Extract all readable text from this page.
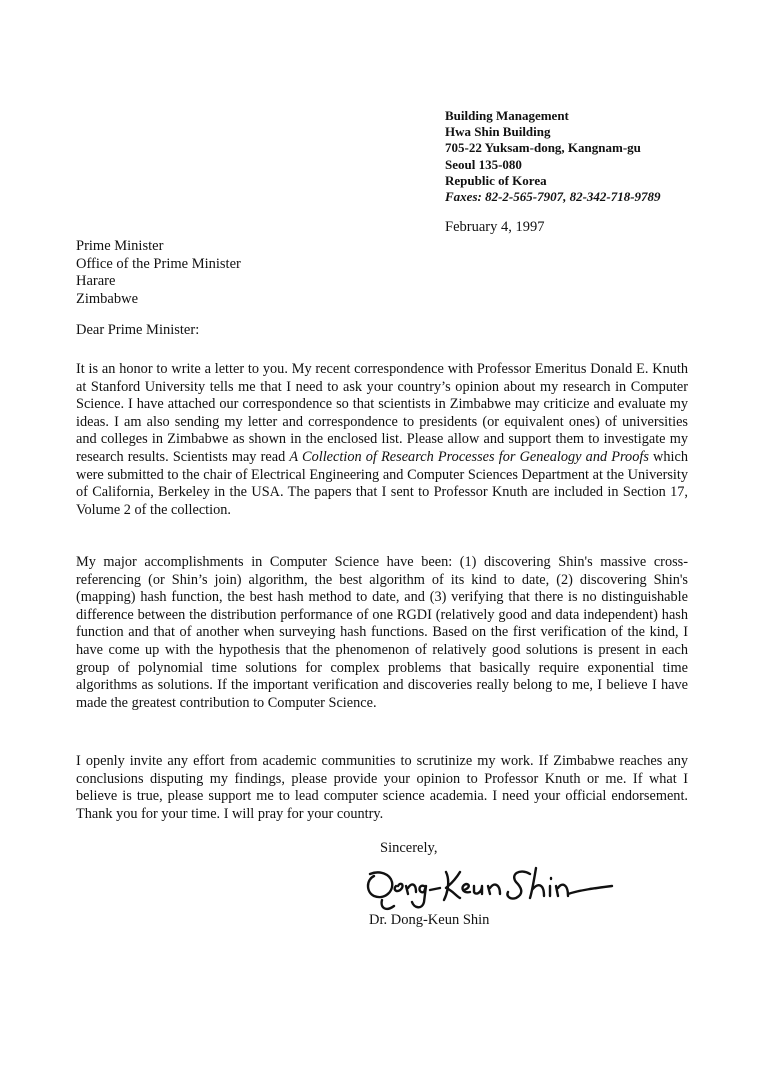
Building Management
Hwa Shin Building
705-22 Yuksam-dong, Kangnam-gu
Seoul 135-080
Republic of Korea
Faxes: 82-2-565-7907, 82-342-718-9789
February 4, 1997
Prime Minister
Office of the Prime Minister
Harare
Zimbabwe
Dear Prime Minister:

It is an honor to write a letter to you. My recent correspondence with Professor Emeritus Donald E. Knuth at Stanford University tells me that I need to ask your country’s opinion about my research in Computer Science. I have attached our correspondence so that scientists in Zimbabwe may criticize and evaluate my ideas. I am also sending my letter and correspondence to presidents (or equivalent ones) of universities and colleges in Zimbabwe as shown in the enclosed list. Please allow and support them to investigate my research results. Scientists may read A Collection of Research Processes for Genealogy and Proofs which were submitted to the chair of Electrical Engineering and Computer Sciences Department at the University of California, Berkeley in the USA. The papers that I sent to Professor Knuth are included in Section 17, Volume 2 of the collection.

My major accomplishments in Computer Science have been: (1) discovering Shin's massive cross-referencing (or Shin’s join) algorithm, the best algorithm of its kind to date, (2) discovering Shin's (mapping) hash function, the best hash method to date, and (3) verifying that there is no distinguishable difference between the distribution performance of one RGDI (relatively good and data independent) hash function and that of another when surveying hash functions. Based on the first verification of the kind, I have come up with the hypothesis that the phenomenon of relatively good solutions is present in each group of polynomial time solutions for complex problems that basically require exponential time algorithms as solutions. If the important verification and discoveries really belong to me, I believe I have made the greatest contribution to Computer Science.

I openly invite any effort from academic communities to scrutinize my work. If Zimbabwe reaches any conclusions disputing my findings, please provide your opinion to Professor Knuth or me. If what I believe is true, please support me to lead computer science academia. I need your official endorsement. Thank you for your time. I will pray for your country.

Sincerely,
Dr. Dong-Keun Shin
